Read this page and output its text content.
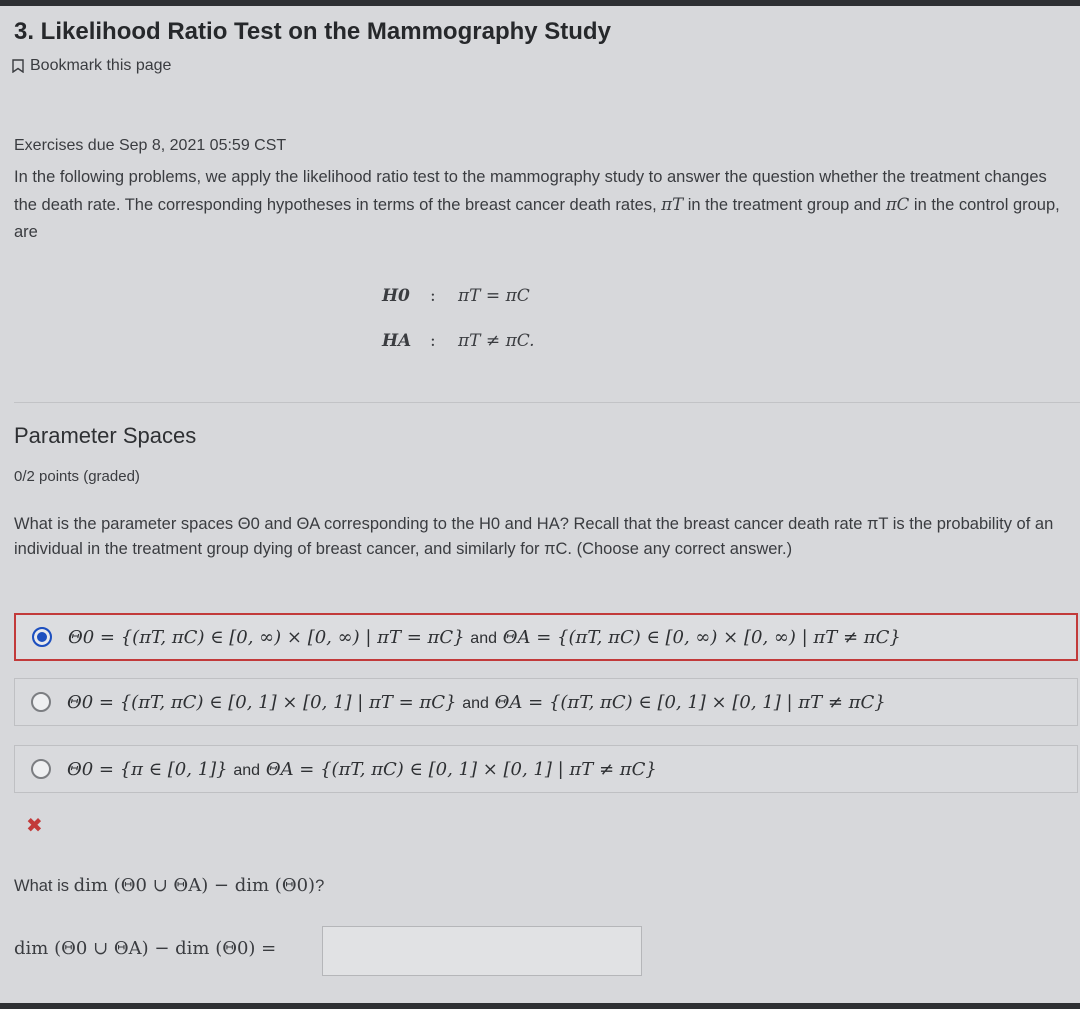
3. Likelihood Ratio Test on the Mammography Study
Bookmark this page
Exercises due Sep 8, 2021 05:59 CST
In the following problems, we apply the likelihood ratio test to the mammography study to answer the question whether the treatment changes the death rate. The corresponding hypotheses in terms of the breast cancer death rates, πT in the treatment group and πC in the control group, are
H0	:	πT = πC
HA	:	πT ≠ πC.
Parameter Spaces
0/2 points (graded)
What is the parameter spaces Θ0 and ΘA corresponding to the H0 and HA? Recall that the breast cancer death rate πT is the probability of an individual in the treatment group dying of breast cancer, and similarly for πC. (Choose any correct answer.)
Θ0 = {(πT, πC) ∈ [0, ∞) × [0, ∞) | πT = πC} and ΘA = {(πT, πC) ∈ [0, ∞) × [0, ∞) | πT ≠ πC}
Θ0 = {(πT, πC) ∈ [0, 1] × [0, 1] | πT = πC} and ΘA = {(πT, πC) ∈ [0, 1] × [0, 1] | πT ≠ πC}
Θ0 = {π ∈ [0, 1]} and ΘA = {(πT, πC) ∈ [0, 1] × [0, 1] | πT ≠ πC}
✖
What is dim (Θ0 ∪ ΘA) − dim (Θ0)?
dim (Θ0 ∪ ΘA) − dim (Θ0) =
